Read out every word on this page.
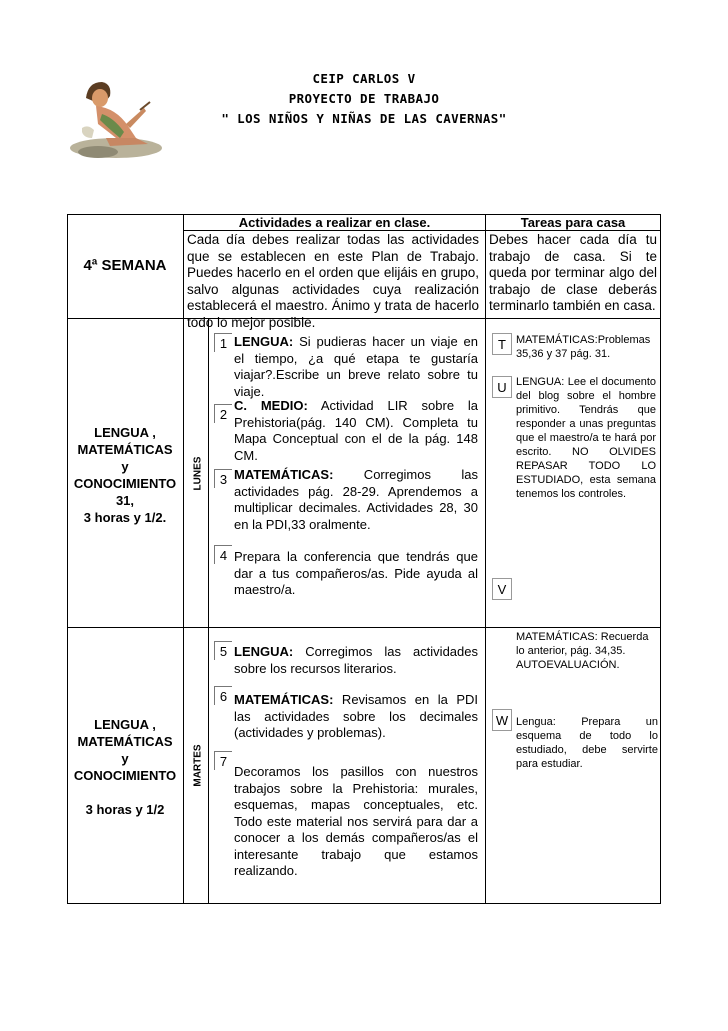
CEIP CARLOS V
PROYECTO DE TRABAJO
" LOS NIÑOS Y NIÑAS DE LAS CAVERNAS"
4ª SEMANA
Actividades a realizar en clase.
Cada día debes realizar todas las actividades que se establecen en este Plan de Trabajo. Puedes hacerlo en el orden que elijáis en grupo, salvo algunas actividades cuya realización establecerá el maestro. Ánimo y trata de hacerlo todo lo mejor posible.
Tareas para casa
Debes hacer cada día tu trabajo de casa. Si te queda por terminar algo del trabajo de clase deberás terminarlo también en casa.
LENGUA ,
MATEMÁTICAS
y
CONOCIMIENTO
31,
3 horas y 1/2.
LUNES
1 LENGUA: Si pudieras hacer un viaje en el tiempo, ¿a qué etapa te gustaría viajar?.Escribe un breve relato sobre tu viaje.
2
C. MEDIO: Actividad LIR sobre la Prehistoria(pág. 140 CM). Completa tu Mapa Conceptual con el de la pág. 148 CM.
3 MATEMÁTICAS: Corregimos las actividades pág. 28-29. Aprendemos a multiplicar decimales. Actividades 28, 30 en la PDI,33 oralmente.
4 Prepara la conferencia que tendrás que dar a tus compañeros/as. Pide ayuda al maestro/a.
T
U
V
MATEMÁTICAS:Problemas 35,36 y 37 pág. 31.
LENGUA: Lee el documento del blog sobre el hombre primitivo. Tendrás que responder a unas preguntas que el maestro/a te hará por escrito. NO OLVIDES REPASAR TODO LO ESTUDIADO, esta semana tenemos los controles.
LENGUA ,
MATEMÁTICAS
y
CONOCIMIENTO
3 horas y 1/2
MARTES
5 LENGUA: Corregimos las actividades sobre los recursos literarios.
6 MATEMÁTICAS: Revisamos en la PDI las actividades sobre los decimales (actividades y problemas).
7
Decoramos los pasillos con nuestros trabajos sobre la Prehistoria: murales, esquemas, mapas conceptuales, etc. Todo este material nos servirá para dar a conocer a los demás compañeros/as el interesante trabajo que estamos realizando.
MATEMÁTICAS: Recuerda lo anterior, pág. 34,35. AUTOEVALUACIÓN.
W Lengua: Prepara un esquema de todo lo estudiado, debe servirte para estudiar.
